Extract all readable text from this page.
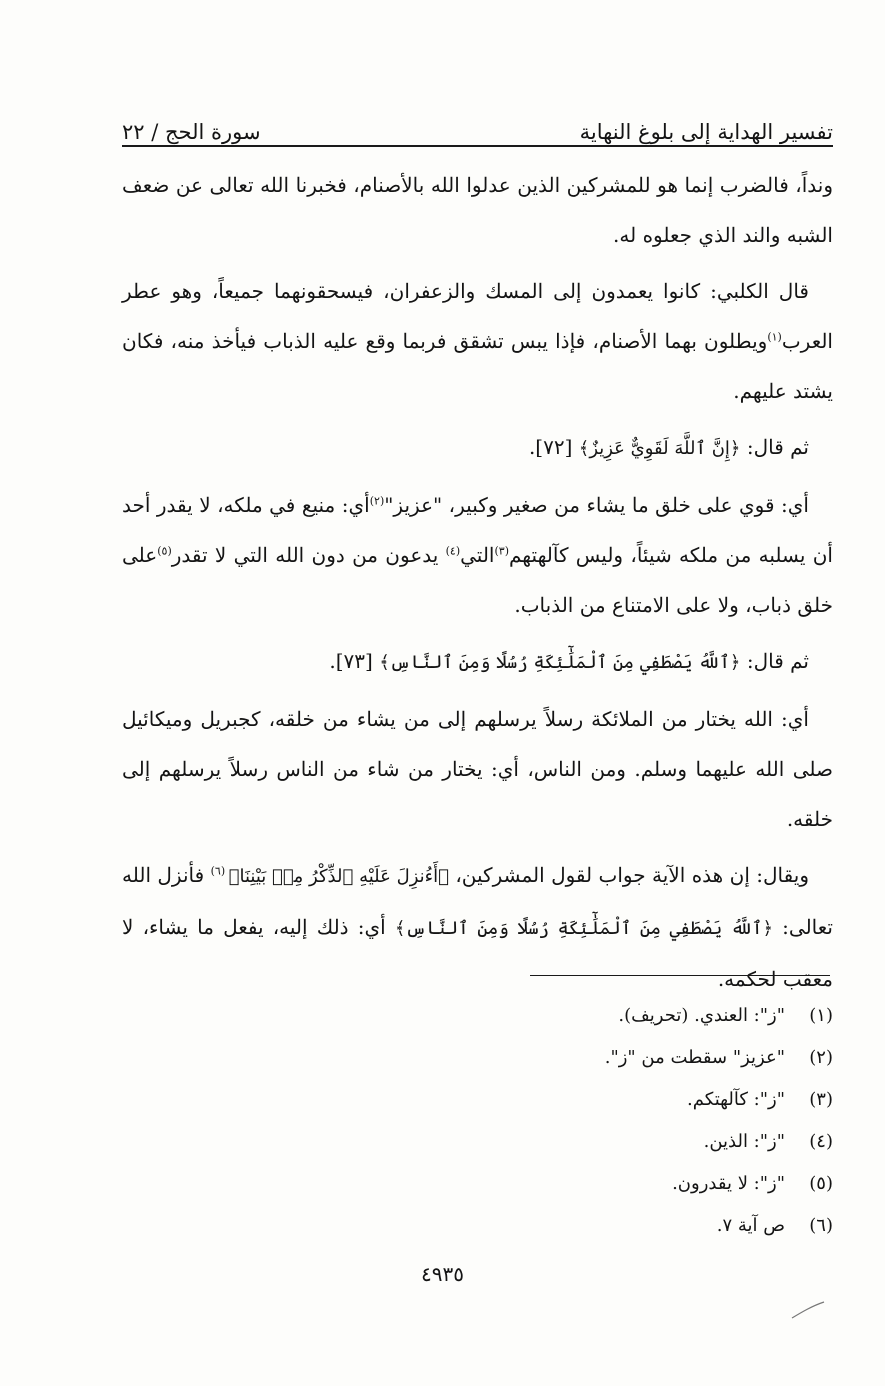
تفسير الهداية إلى بلوغ النهاية
سورة الحج / ٢٢

ونداً، فالضرب إنما هو للمشركين الذين عدلوا الله بالأصنام، فخبرنا الله تعالى عن ضعف الشبه والند الذي جعلوه له.

قال الكلبي: كانوا يعمدون إلى المسك والزعفران، فيسحقونهما جميعاً، وهو عطر العرب$^{(١)}$ويطلون بهما الأصنام، فإذا يبس تشقق فربما وقع عليه الذباب فيأخذ منه، فكان يشتد عليهم.

ثم قال: ﴿إِنَّ ٱللَّهَ لَقَوِيٌّ عَزِيزٌ﴾ [٧٢].

أي: قوي على خلق ما يشاء من صغير وكبير، "عزيز"$^{(٢)}$أي: منيع في ملكه، لا يقدر أحد أن يسلبه من ملكه شيئاً، وليس كآلهتهم$^{(٣)}$التي$^{(٤)}$ يدعون من دون الله التي لا تقدر$^{(٥)}$على خلق ذباب، ولا على الامتناع من الذباب.

ثم قال: ﴿ٱللَّهُ يَصْطَفِي مِنَ ٱلْمَلَٰٓئِكَةِ رُسُلًا وَمِنَ ٱلنَّاسِ﴾ [٧٣].

أي: الله يختار من الملائكة رسلاً يرسلهم إلى من يشاء من خلقه، كجبريل وميكائيل صلى الله عليهما وسلم. ومن الناس، أي: يختار من شاء من الناس رسلاً يرسلهم إلى خلقه.

ويقال: إن هذه الآية جواب لقول المشركين، ﴿أَءُنزِلَ عَلَيْهِ ٱلذِّكْرُ مِنۢ بَيْنِنَا﴾ $^{(٦)}$ فأنزل الله تعالى: ﴿ٱللَّهُ يَصْطَفِي مِنَ ٱلْمَلَٰٓئِكَةِ رُسُلًا وَمِنَ ٱلنَّاسِ﴾ أي: ذلك إليه، يفعل ما يشاء، لا معقب لحكمه.

(١)"ز": العندي. (تحريف).
(٢)"عزيز" سقطت من "ز".
(٣)"ز": كآلهتكم.
(٤)"ز": الذين.
(٥)"ز": لا يقدرون.
(٦)ص آية ٧.
٤٩٣٥
